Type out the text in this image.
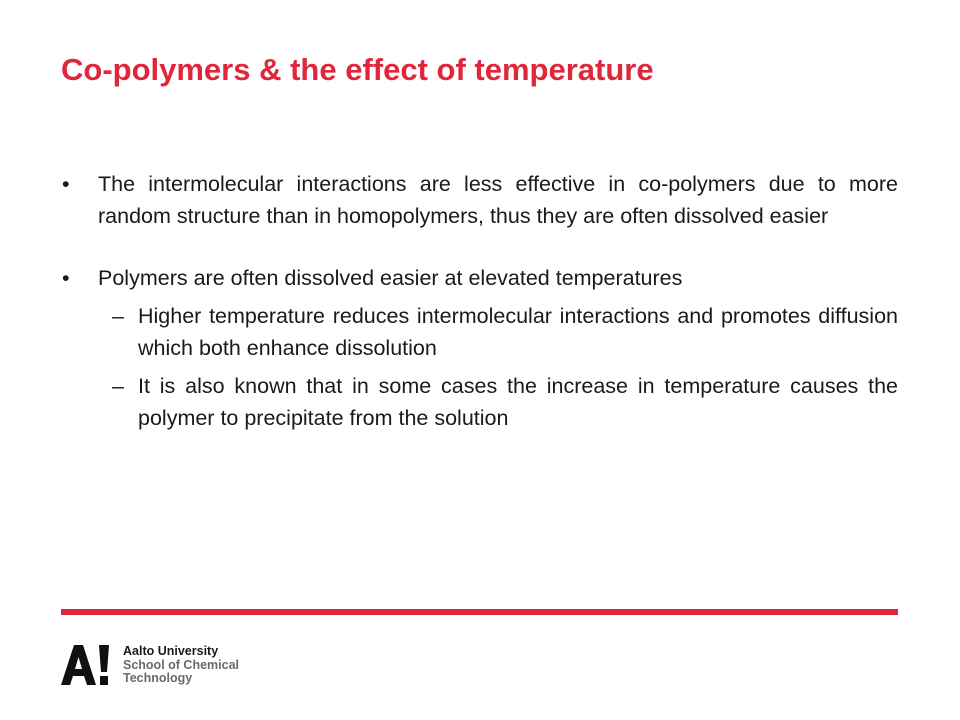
Co-polymers & the effect of temperature
• The intermolecular interactions are less effective in co-polymers due to more random structure than in homopolymers, thus they are often dissolved easier
• Polymers are often dissolved easier at elevated temperatures
– Higher temperature reduces intermolecular interactions and promotes diffusion which both enhance dissolution
– It is also known that in some cases the increase in temperature causes the polymer to precipitate from the solution
Aalto University
School of Chemical
Technology
